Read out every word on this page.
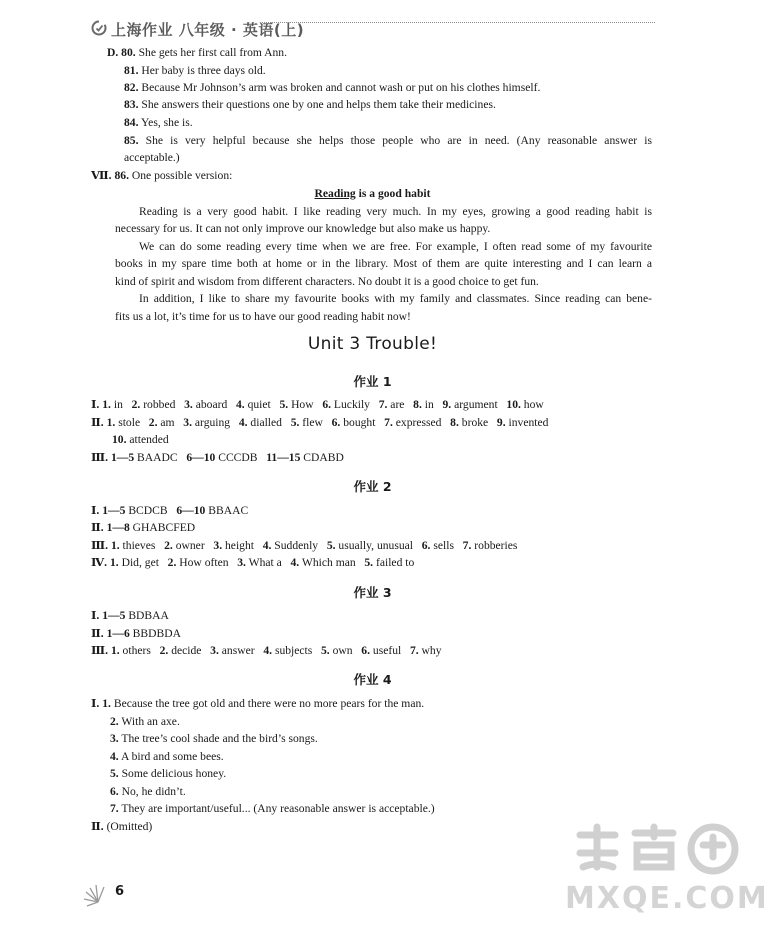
上海作业 八年级 · 英语(上)
D. 80. She gets her first call from Ann.
81. Her baby is three days old.
82. Because Mr Johnson’s arm was broken and cannot wash or put on his clothes himself.
83. She answers their questions one by one and helps them take their medicines.
84. Yes, she is.
85. She is very helpful because she helps those people who are in need. (Any reasonable answer is
acceptable.)
Ⅶ. 86. One possible version:
Reading is a good habit
Reading is a very good habit. I like reading very much. In my eyes, growing a good reading habit is
necessary for us. It can not only improve our knowledge but also make us happy.
We can do some reading every time when we are free. For example, I often read some of my favourite
books in my spare time both at home or in the library. Most of them are quite interesting and I can learn a
kind of spirit and wisdom from different characters. No doubt it is a good choice to get fun.
In addition, I like to share my favourite books with my family and classmates. Since reading can bene-
fits us a lot, it’s time for us to have our good reading habit now!
Unit 3 Trouble!
作业 1
Ⅰ. 1. in 2. robbed 3. aboard 4. quiet 5. How 6. Luckily 7. are 8. in 9. argument 10. how
Ⅱ. 1. stole 2. am 3. arguing 4. dialled 5. flew 6. bought 7. expressed 8. broke 9. invented
10. attended
Ⅲ. 1—5 BAADC 6—10 CCCDB 11—15 CDABD
作业 2
Ⅰ. 1—5 BCDCB 6—10 BBAAC
Ⅱ. 1—8 GHABCFED
Ⅲ. 1. thieves 2. owner 3. height 4. Suddenly 5. usually, unusual 6. sells 7. robberies
Ⅳ. 1. Did, get 2. How often 3. What a 4. Which man 5. failed to
作业 3
Ⅰ. 1—5 BDBAA
Ⅱ. 1—6 BBDBDA
Ⅲ. 1. others 2. decide 3. answer 4. subjects 5. own 6. useful 7. why
作业 4
Ⅰ. 1. Because the tree got old and there were no more pears for the man.
2. With an axe.
3. The tree’s cool shade and the bird’s songs.
4. A bird and some bees.
5. Some delicious honey.
6. No, he didn’t.
7. They are important/useful... (Any reasonable answer is acceptable.)
Ⅱ. (Omitted)
6	MXQE.COM
